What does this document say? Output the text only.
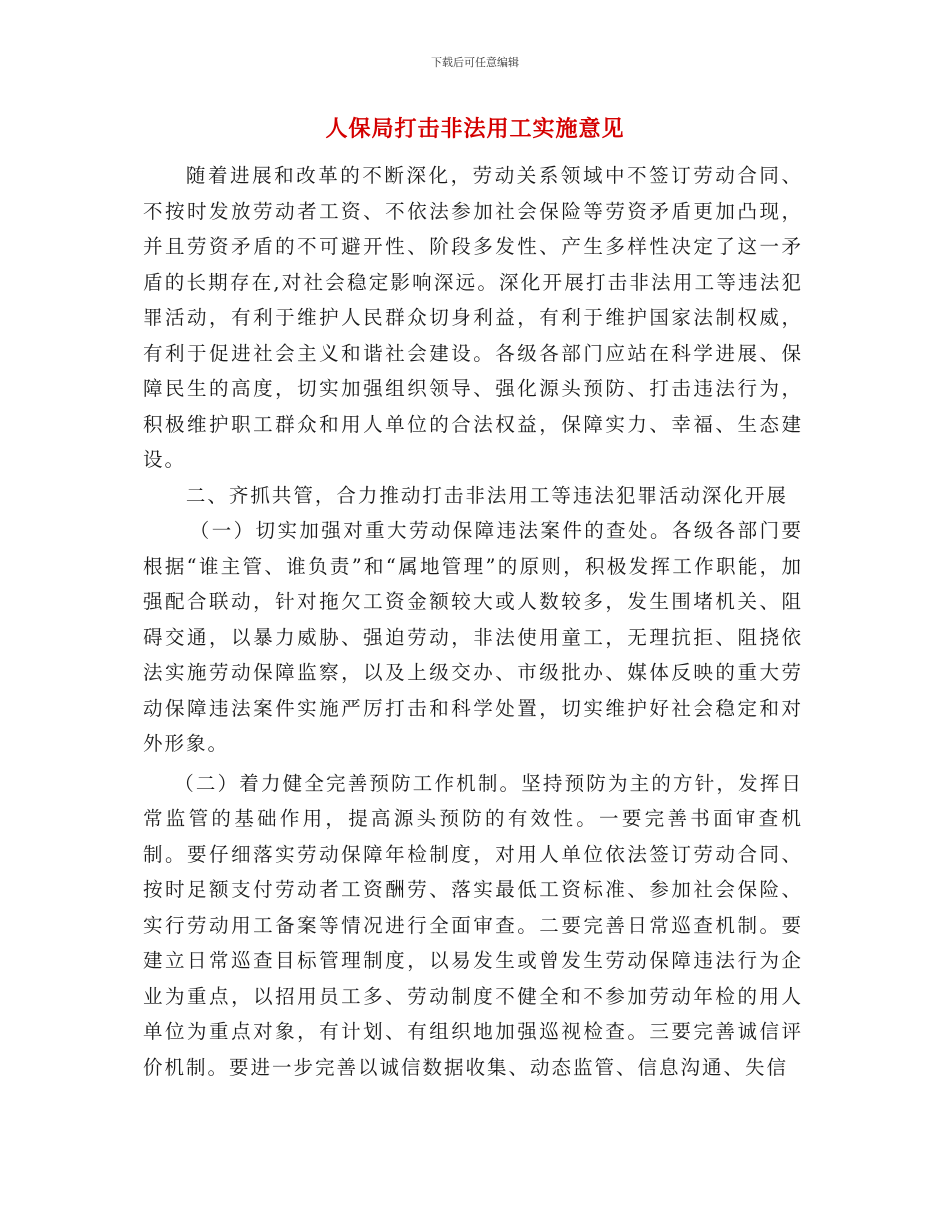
下载后可任意编辑
人保局打击非法用工实施意见

随着进展和改革的不断深化，劳动关系领域中不签订劳动合同、不按时发放劳动者工资、不依法参加社会保险等劳资矛盾更加凸现，并且劳资矛盾的不可避开性、阶段多发性、产生多样性决定了这一矛盾的长期存在,对社会稳定影响深远。深化开展打击非法用工等违法犯罪活动，有利于维护人民群众切身利益，有利于维护国家法制权威，有利于促进社会主义和谐社会建设。各级各部门应站在科学进展、保障民生的高度，切实加强组织领导、强化源头预防、打击违法行为，积极维护职工群众和用人单位的合法权益，保障实力、幸福、生态建设。

二、齐抓共管，合力推动打击非法用工等违法犯罪活动深化开展

（一）切实加强对重大劳动保障违法案件的查处。各级各部门要根据“谁主管、谁负责”和“属地管理”的原则，积极发挥工作职能，加强配合联动，针对拖欠工资金额较大或人数较多，发生围堵机关、阻碍交通，以暴力威胁、强迫劳动，非法使用童工，无理抗拒、阻挠依法实施劳动保障监察，以及上级交办、市级批办、媒体反映的重大劳动保障违法案件实施严厉打击和科学处置，切实维护好社会稳定和对外形象。

（二）着力健全完善预防工作机制。坚持预防为主的方针，发挥日常监管的基础作用，提高源头预防的有效性。一要完善书面审查机制。要仔细落实劳动保障年检制度，对用人单位依法签订劳动合同、按时足额支付劳动者工资酬劳、落实最低工资标准、参加社会保险、实行劳动用工备案等情况进行全面审查。二要完善日常巡查机制。要建立日常巡查目标管理制度，以易发生或曾发生劳动保障违法行为企业为重点，以招用员工多、劳动制度不健全和不参加劳动年检的用人单位为重点对象，有计划、有组织地加强巡视检查。三要完善诚信评价机制。要进一步完善以诚信数据收集、动态监管、信息沟通、失信
